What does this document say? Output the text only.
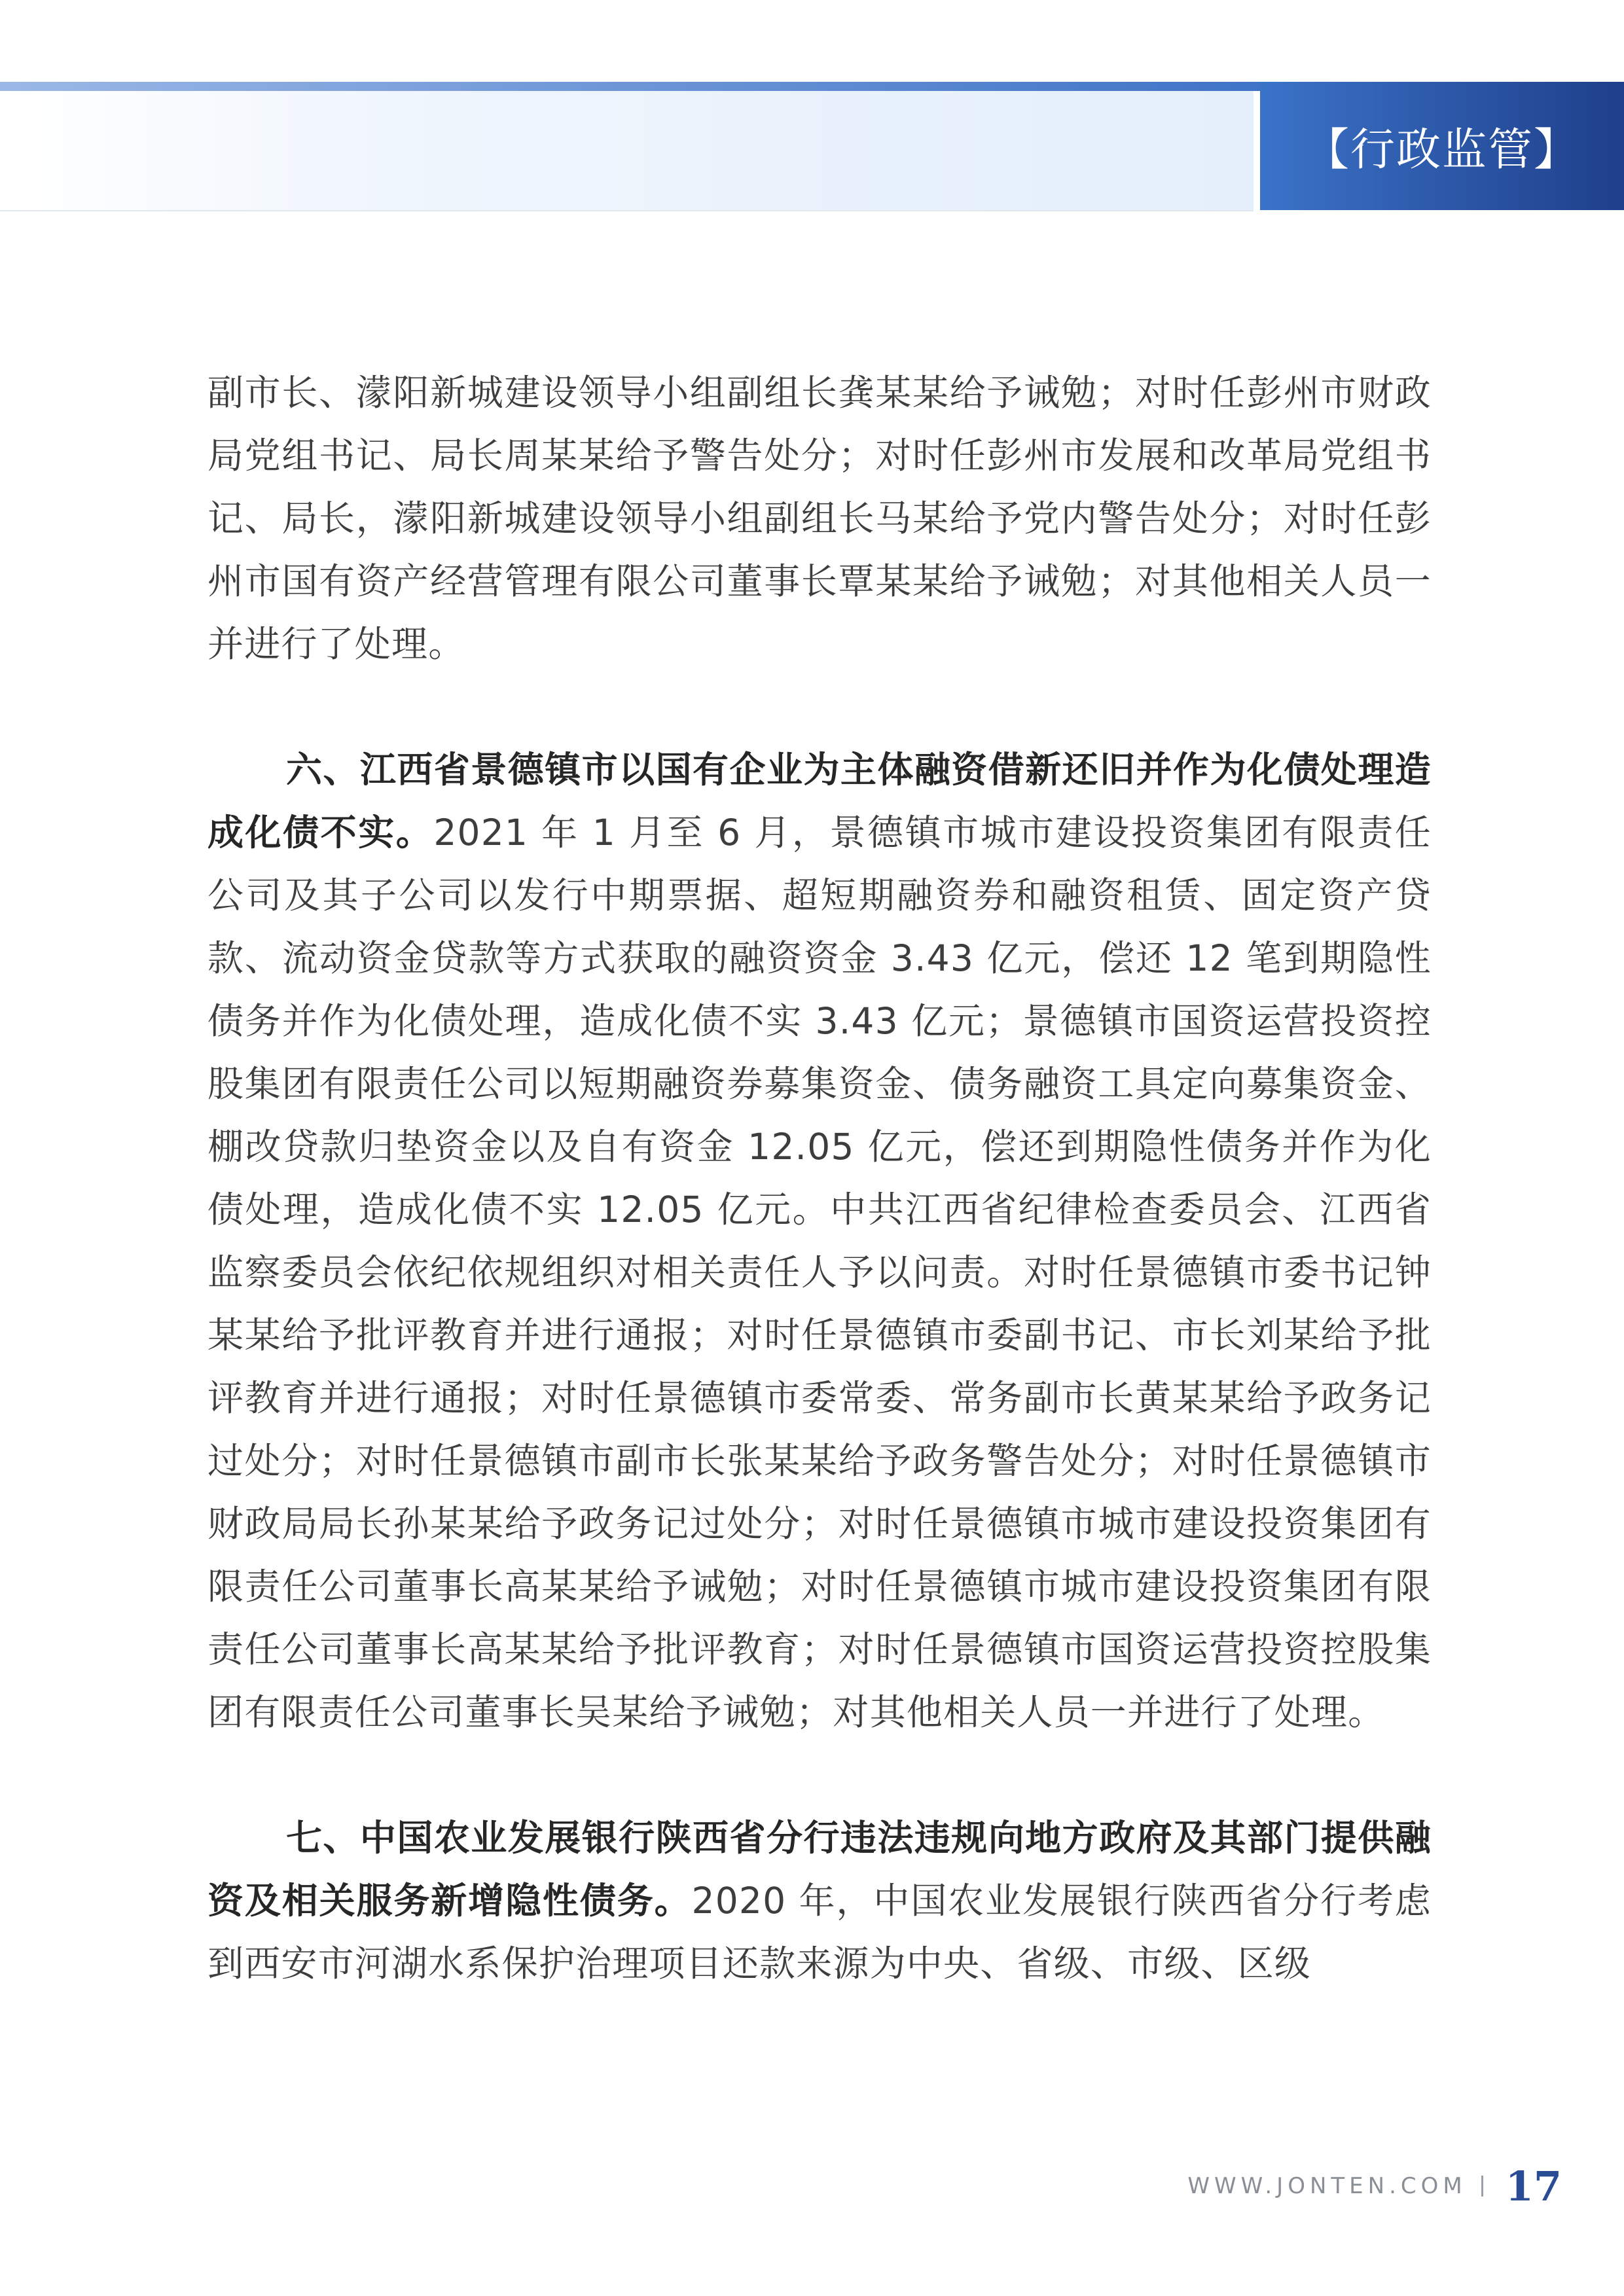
【行政监管】

副市长、濛阳新城建设领导小组副组长龚某某给予诫勉；对时任彭州市财政局党组书记、局长周某某给予警告处分；对时任彭州市发展和改革局党组书记、局长，濛阳新城建设领导小组副组长马某给予党内警告处分；对时任彭州市国有资产经营管理有限公司董事长覃某某给予诫勉；对其他相关人员一并进行了处理。

六、江西省景德镇市以国有企业为主体融资借新还旧并作为化债处理造成化债不实。2021 年 1 月至 6 月，景德镇市城市建设投资集团有限责任公司及其子公司以发行中期票据、超短期融资券和融资租赁、固定资产贷款、流动资金贷款等方式获取的融资资金 3.43 亿元，偿还 12 笔到期隐性债务并作为化债处理，造成化债不实 3.43 亿元；景德镇市国资运营投资控股集团有限责任公司以短期融资券募集资金、债务融资工具定向募集资金、棚改贷款归垫资金以及自有资金 12.05 亿元，偿还到期隐性债务并作为化债处理，造成化债不实 12.05 亿元。中共江西省纪律检查委员会、江西省监察委员会依纪依规组织对相关责任人予以问责。对时任景德镇市委书记钟某某给予批评教育并进行通报；对时任景德镇市委副书记、市长刘某给予批评教育并进行通报；对时任景德镇市委常委、常务副市长黄某某给予政务记过处分；对时任景德镇市副市长张某某给予政务警告处分；对时任景德镇市财政局局长孙某某给予政务记过处分；对时任景德镇市城市建设投资集团有限责任公司董事长高某某给予诫勉；对时任景德镇市城市建设投资集团有限责任公司董事长高某某给予批评教育；对时任景德镇市国资运营投资控股集团有限责任公司董事长吴某给予诫勉；对其他相关人员一并进行了处理。

七、中国农业发展银行陕西省分行违法违规向地方政府及其部门提供融资及相关服务新增隐性债务。2020 年，中国农业发展银行陕西省分行考虑到西安市河湖水系保护治理项目还款来源为中央、省级、市级、区级

WWW.JONTEN.COM 17
